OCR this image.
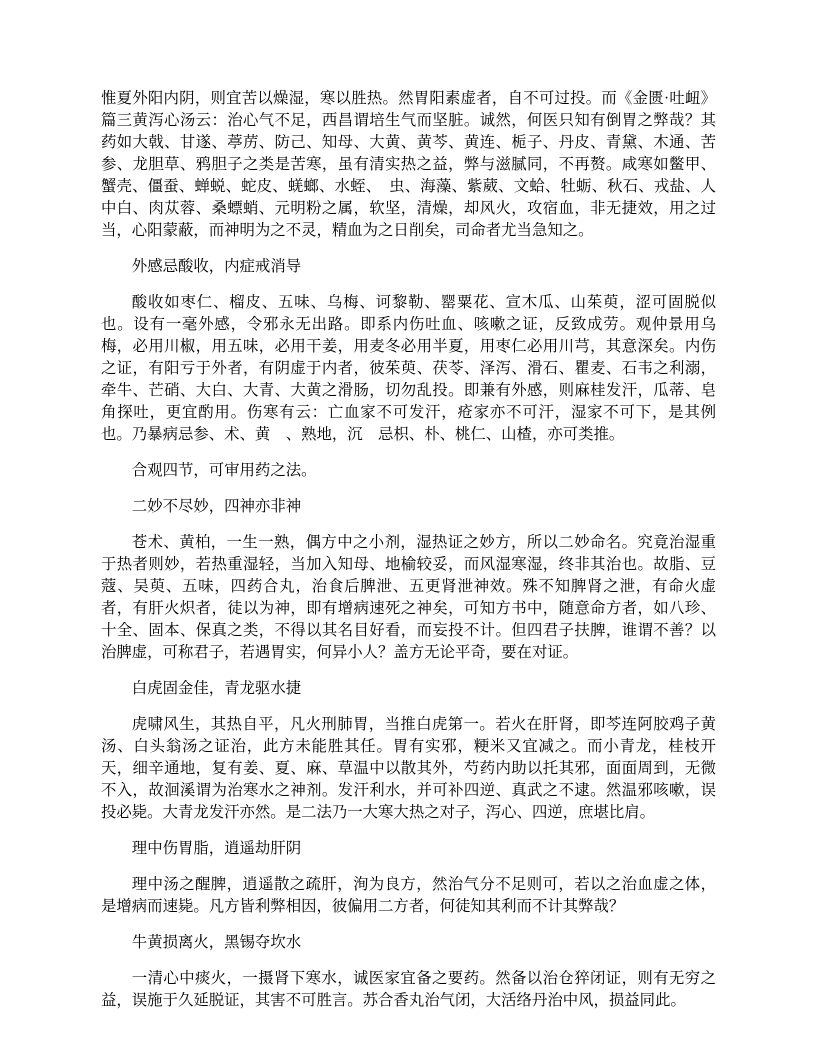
惟夏外阳内阴，则宜苦以燥湿，寒以胜热。然胃阳素虚者，自不可过投。而《金匮·吐衄》篇三黄泻心汤云：治心气不足，西昌谓培生气而坚脏。诚然，何医只知有倒胃之弊哉？其药如大戟、甘遂、葶苈、防己、知母、大黄、黄芩、黄连、栀子、丹皮、青黛、木通、苦参、龙胆草、鸦胆子之类是苦寒，虽有清实热之益，弊与滋腻同，不再赘。咸寒如鳖甲、蟹壳、僵蚕、蝉蜕、蛇皮、蜣螂、水蛭、　虫、海藻、紫葳、文蛤、牡蛎、秋石、戎盐、人中白、肉苁蓉、桑螵蛸、元明粉之属，软坚，清燥，却风火，攻宿血，非无捷效，用之过当，心阳蒙蔽，而神明为之不灵，精血为之日削矣，司命者尤当急知之。

外感忌酸收，内症戒消导

酸收如枣仁、榴皮、五味、乌梅、诃黎勒、罂粟花、宣木瓜、山茱萸，涩可固脱似也。设有一毫外感，令邪永无出路。即系内伤吐血、咳嗽之证，反致成劳。观仲景用乌梅，必用川椒，用五味，必用干姜，用麦冬必用半夏，用枣仁必用川芎，其意深矣。内伤之证，有阳亏于外者，有阴虚于内者，彼茱萸、茯苓、泽泻、滑石、瞿麦、石韦之利溺，牵牛、芒硝、大白、大青、大黄之滑肠，切勿乱投。即兼有外感，则麻桂发汗，瓜蒂、皂角探吐，更宜酌用。伤寒有云：亡血家不可发汗，疮家亦不可汗，湿家不可下，是其例也。乃暴病忌参、术、黄　、熟地，沉　忌枳、朴、桃仁、山楂，亦可类推。

合观四节，可审用药之法。

二妙不尽妙，四神亦非神

苍术、黄柏，一生一熟，偶方中之小剂，湿热证之妙方，所以二妙命名。究竟治湿重于热者则妙，若热重湿轻，当加入知母、地榆较妥，而风湿寒湿，终非其治也。故脂、豆蔻、吴萸、五味，四药合丸，治食后脾泄、五更肾泄神效。殊不知脾肾之泄，有命火虚者，有肝火炽者，徒以为神，即有增病速死之神矣，可知方书中，随意命方者，如八珍、十全、固本、保真之类，不得以其名目好看，而妄投不计。但四君子扶脾，谁谓不善？以治脾虚，可称君子，若遇胃实，何异小人？盖方无论平奇，要在对证。

白虎固金佳，青龙驱水捷

虎啸风生，其热自平，凡火刑肺胃，当推白虎第一。若火在肝肾，即芩连阿胶鸡子黄汤、白头翁汤之证治，此方未能胜其任。胃有实邪，粳米又宜减之。而小青龙，桂枝开天，细辛通地，复有姜、夏、麻、草温中以散其外，芍药内助以托其邪，面面周到，无微不入，故洄溪谓为治寒水之神剂。发汗利水，并可补四逆、真武之不逮。然温邪咳嗽，误投必毙。大青龙发汗亦然。是二法乃一大寒大热之对子，泻心、四逆，庶堪比肩。

理中伤胃脂，逍遥劫肝阴

理中汤之醒脾，逍遥散之疏肝，洵为良方，然治气分不足则可，若以之治血虚之体，是增病而速毙。凡方皆利弊相因，彼偏用二方者，何徒知其利而不计其弊哉？

牛黄损离火，黑锡夺坎水

一清心中痰火，一摄肾下寒水，诚医家宜备之要药。然备以治仓猝闭证，则有无穷之益，误施于久延脱证，其害不可胜言。苏合香丸治气闭，大活络丹治中风，损益同此。
